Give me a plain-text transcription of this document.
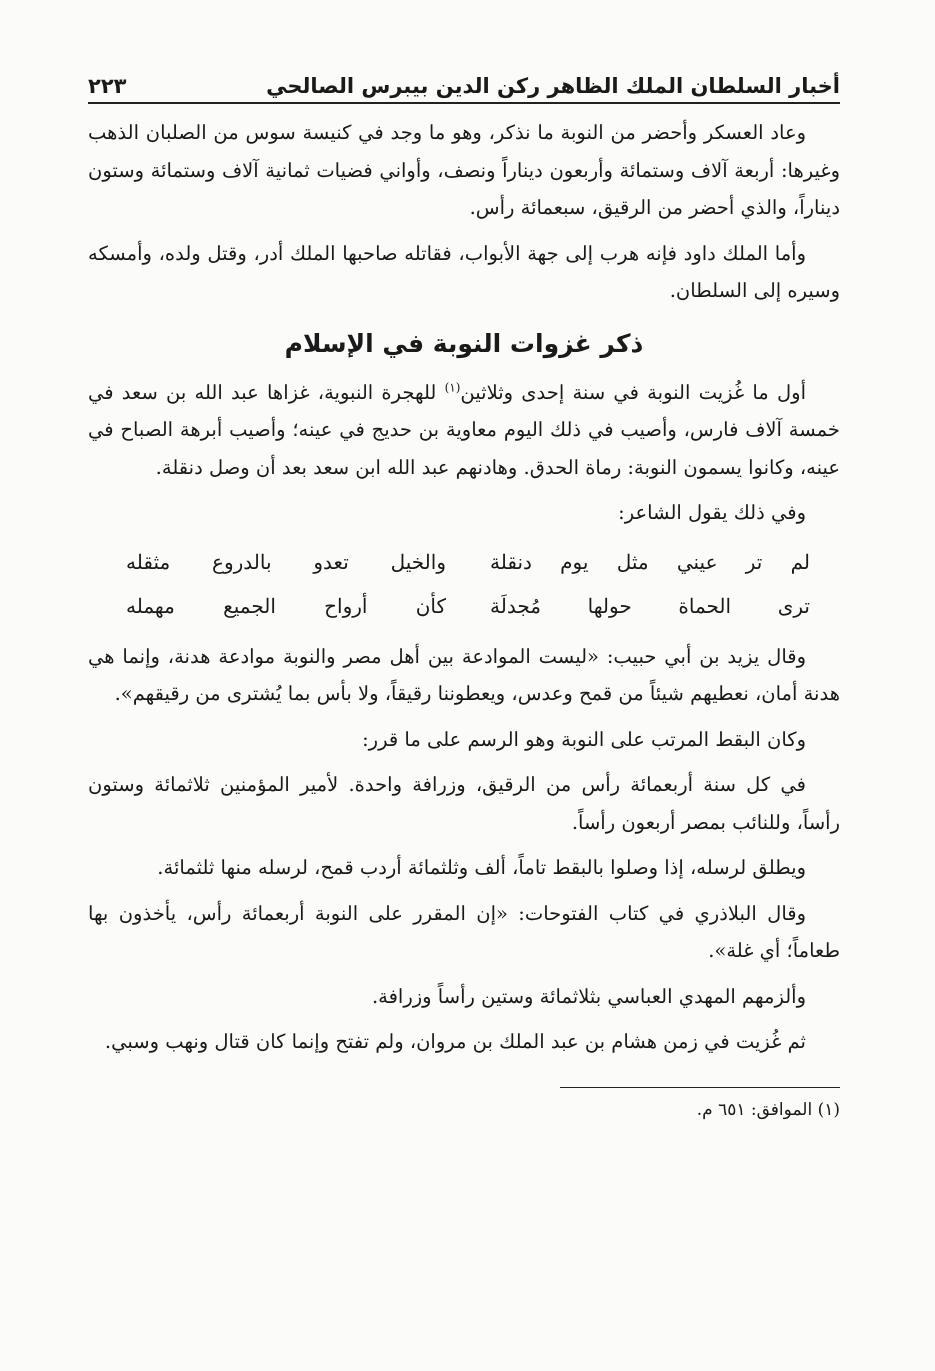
أخبار السلطان الملك الظاهر ركن الدين بيبرس الصالحي
٢٢٣

وعاد العسكر وأحضر من النوبة ما نذكر، وهو ما وجد في كنيسة سوس من الصلبان الذهب وغيرها: أربعة آلاف وستمائة وأربعون ديناراً ونصف، وأواني فضيات ثمانية آلاف وستمائة وستون ديناراً، والذي أحضر من الرقيق، سبعمائة رأس.

وأما الملك داود فإنه هرب إلى جهة الأبواب، فقاتله صاحبها الملك أدر، وقتل ولده، وأمسكه وسيره إلى السلطان.

ذكر غزوات النوبة في الإسلام

أول ما غُزيت النوبة في سنة إحدى وثلاثين$^{(١)}$ للهجرة النبوية، غزاها عبد الله بن سعد في خمسة آلاف فارس، وأصيب في ذلك اليوم معاوية بن حديج في عينه؛ وأصيب أبرهة الصباح في عينه، وكانوا يسمون النوبة: رماة الحدق. وهادنهم عبد الله ابن سعد بعد أن وصل دنقلة.

وفي ذلك يقول الشاعر:

لم تر عيني مثل يوم دنقلة
والخيل تعدو بالدروع مثقله
ترى الحماة حولها مُجدلَة
كأن أرواح الجميع مهمله

وقال يزيد بن أبي حبيب: «ليست الموادعة بين أهل مصر والنوبة موادعة هدنة، وإنما هي هدنة أمان، نعطيهم شيئاً من قمح وعدس، ويعطوننا رقيقاً، ولا بأس بما يُشترى من رقيقهم».

وكان البقط المرتب على النوبة وهو الرسم على ما قرر:

في كل سنة أربعمائة رأس من الرقيق، وزرافة واحدة. لأمير المؤمنين ثلاثمائة وستون رأساً، وللنائب بمصر أربعون رأساً.

ويطلق لرسله، إذا وصلوا بالبقط تاماً، ألف وثلثمائة أردب قمح، لرسله منها ثلثمائة.

وقال البلاذري في كتاب الفتوحات: «إن المقرر على النوبة أربعمائة رأس، يأخذون بها طعاماً؛ أي غلة».

وألزمهم المهدي العباسي بثلاثمائة وستين رأساً وزرافة.

ثم غُزيت في زمن هشام بن عبد الملك بن مروان، ولم تفتح وإنما كان قتال ونهب وسبي.

(١) الموافق: ٦٥١ م.
